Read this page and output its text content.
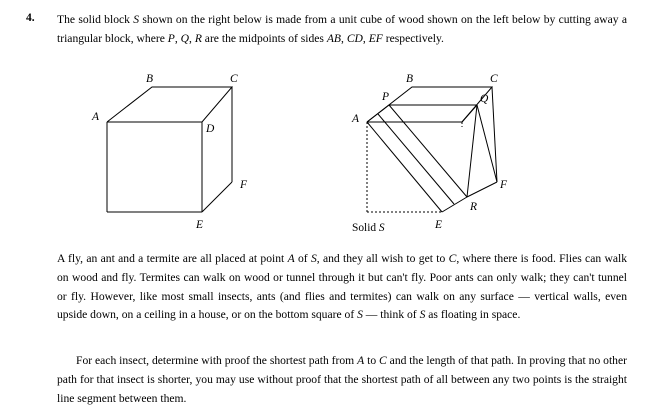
4. The solid block S shown on the right below is made from a unit cube of wood shown on the left below by cutting away a triangular block, where P, Q, R are the midpoints of sides AB, CD, EF respectively.
B	C
A
D
F
E
B	C
P	Q
A
F
E
R
Solid S
A fly, an ant and a termite are all placed at point A of S, and they all wish to get to C, where there is food. Flies can walk on wood and fly. Termites can walk on wood or tunnel through it but can't fly. Poor ants can only walk; they can't tunnel or fly. However, like most small insects, ants (and flies and termites) can walk on any surface — vertical walls, even upside down, on a ceiling in a house, or on the bottom square of S — think of S as floating in space.
For each insect, determine with proof the shortest path from A to C and the length of that path. In proving that no other path for that insect is shorter, you may use without proof that the shortest path of all between any two points is the straight line segment between them.
